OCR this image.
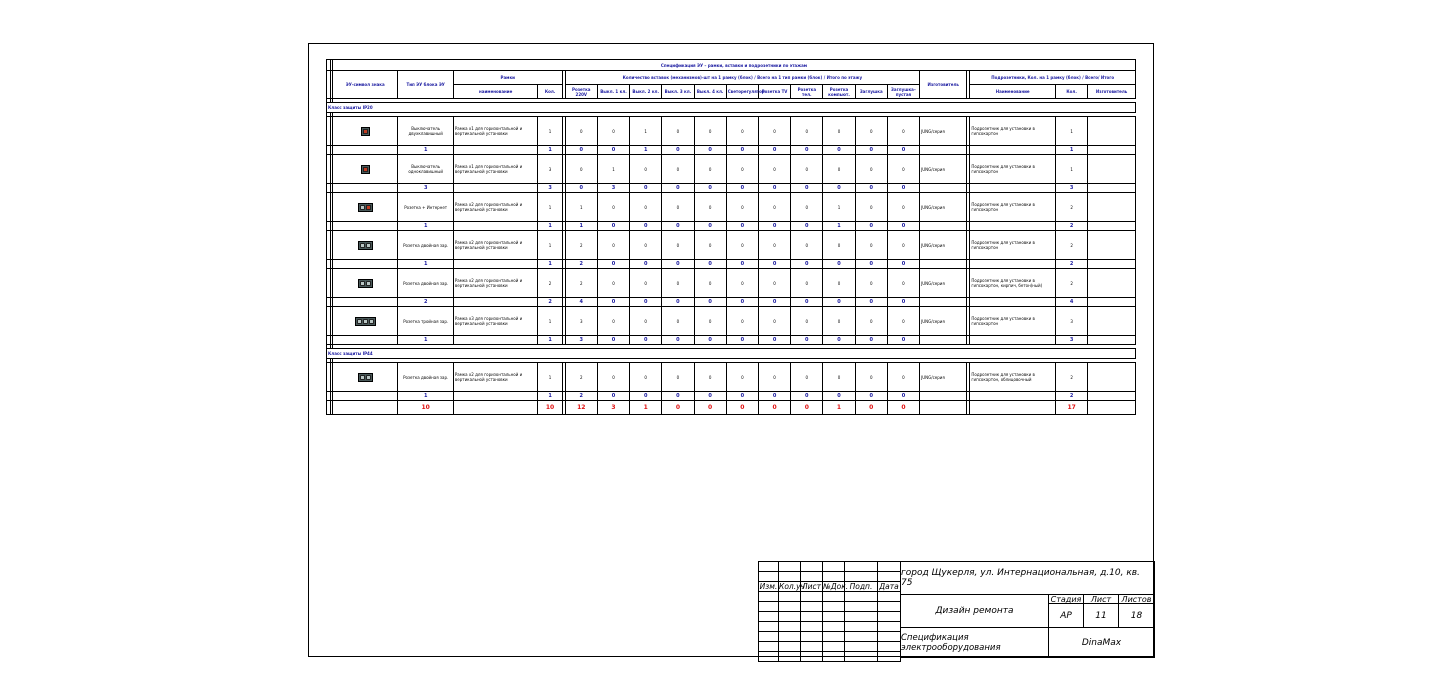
		Спецификация ЭУ – рамки, вставки и подрозетники по этажам																				
		ЭУ-символ знака	Тип ЭУ блока ЭУ	Рамки			Количество вставок (механизмов)-шт на 1 рамку (блок) / Всего на 1 тип рамки (блок) / Итого по этажу											Изготовитель		Подрозетники, Кол. на 1 рамку (блок) / Всего/ Итого		
				наименование	Кол.		Розетка 220V	Выкл. 1 кл.	Выкл. 2 кл.	Выкл. 3 кл.	Выкл. 4 кл.	Светорегулятор	Розетка TV	Розетка тел.	Розетка компьют.	Заглушка	Заглушка–пустая			Наименование	Кол.	Изготовитель

Класс защиты IP20																						

	Выключатель двухклавишный	Рамка х1 для горизонтальной и вертикальной установки	1		0	0	1	0	0	0	0	0	0	0	0	JUNG/серия		Подрозетник для установки в гипсокартон	1	
			1		1		0	0	1	0	0	0	0	0	0	0	0				1	

	Выключатель одноклавишный	Рамка х1 для горизонтальной и вертикальной установки	3		0	1	0	0	0	0	0	0	0	0	0	JUNG/серия		Подрозетник для установки в гипсокартон	1	
			3		3		0	3	0	0	0	0	0	0	0	0	0				3	

	Розетка + Интернет	Рамка х2 для горизонтальной и вертикальной установки	1		1	0	0	0	0	0	0	0	1	0	0	JUNG/серия		Подрозетник для установки в гипсокартон	2	
			1		1		1	0	0	0	0	0	0	0	1	0	0				2	

	Розетка двойная зар.	Рамка х2 для горизонтальной и вертикальной установки	1		2	0	0	0	0	0	0	0	0	0	0	JUNG/серия		Подрозетник для установки в гипсокартон	2	
			1		1		2	0	0	0	0	0	0	0	0	0	0				2	

	Розетка двойная зар.	Рамка х2 для горизонтальной и вертикальной установки	2		2	0	0	0	0	0	0	0	0	0	0	JUNG/серия		Подрозетник для установки в гипсокартон, кирпич, бетон(ный)	2	
			2		2		4	0	0	0	0	0	0	0	0	0	0				4	

	Розетка тройная зар.	Рамка х3 для горизонтальной и вертикальной установки	1		3	0	0	0	0	0	0	0	0	0	0	JUNG/серия		Подрозетник для установки в гипсокартон	3	
			1		1		3	0	0	0	0	0	0	0	0	0	0				3	

Класс защиты IP44																						

	Розетка двойная зар.	Рамка х2 для горизонтальной и вертикальной установки	1		2	0	0	0	0	0	0	0	0	0	0	JUNG/серия		Подрозетник для установки в гипсокартон, облицовочный	2	
			1		1		2	0	0	0	0	0	0	0	0	0	0				2	
			10		10		12	3	1	0	0	0	0	0	1	0	0				17	

Изм.	Кол.уч	Лист	№Док.	Подп.	Дата

город Щукерля, ул. Интернациональная, д.10, кв. 75
Дизайн ремонта
Стадия	Лист	Листов
АР	11	18
Спецификация электрооборудования	DinaMax
